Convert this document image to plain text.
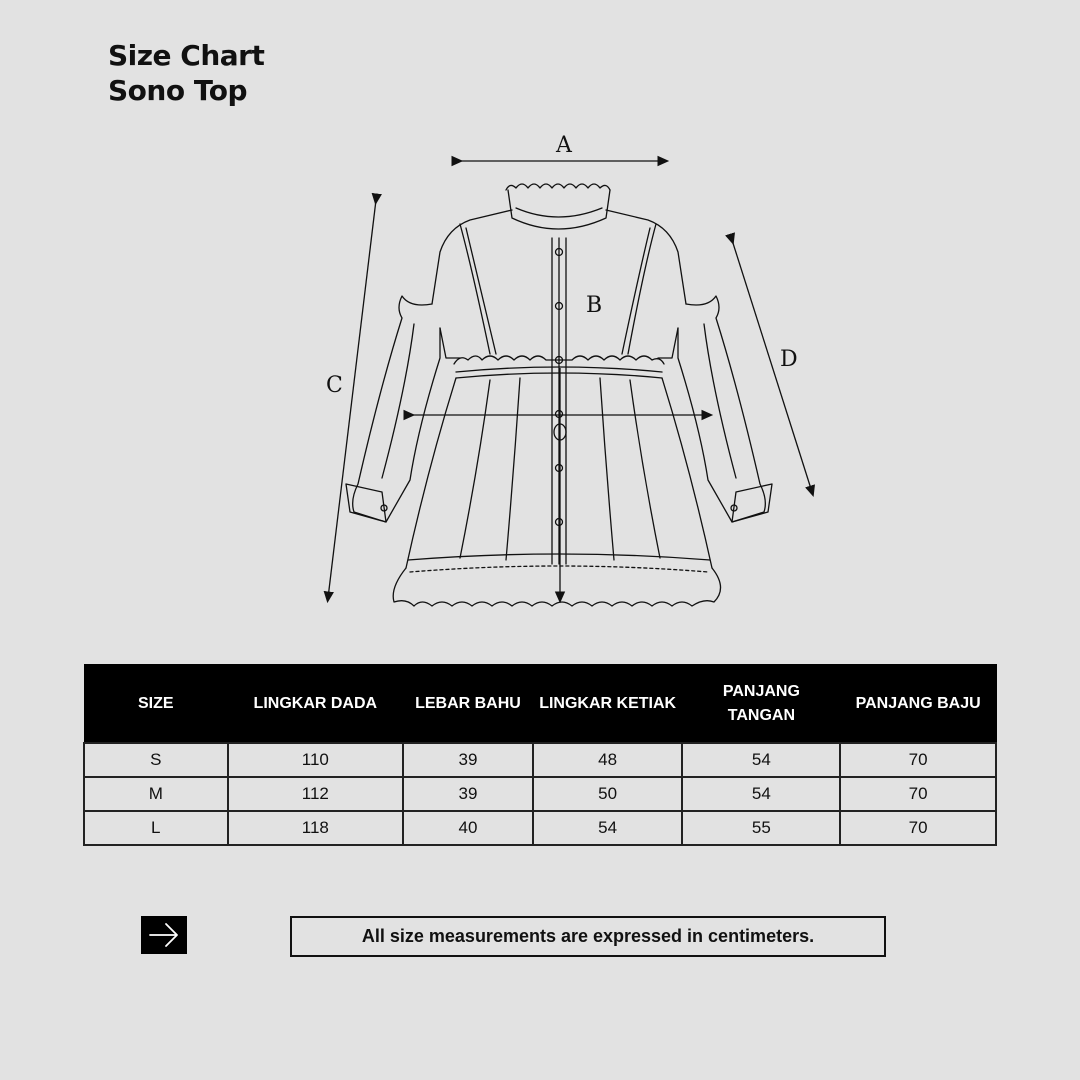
Size Chart
Sono Top
A
B
C
D
SIZE	LINGKAR DADA	LEBAR BAHU	LINGKAR KETIAK	PANJANG TANGAN	PANJANG BAJU
S	110	39	48	54	70
M	112	39	50	54	70
L	118	40	54	55	70
All size measurements are expressed in centimeters.
